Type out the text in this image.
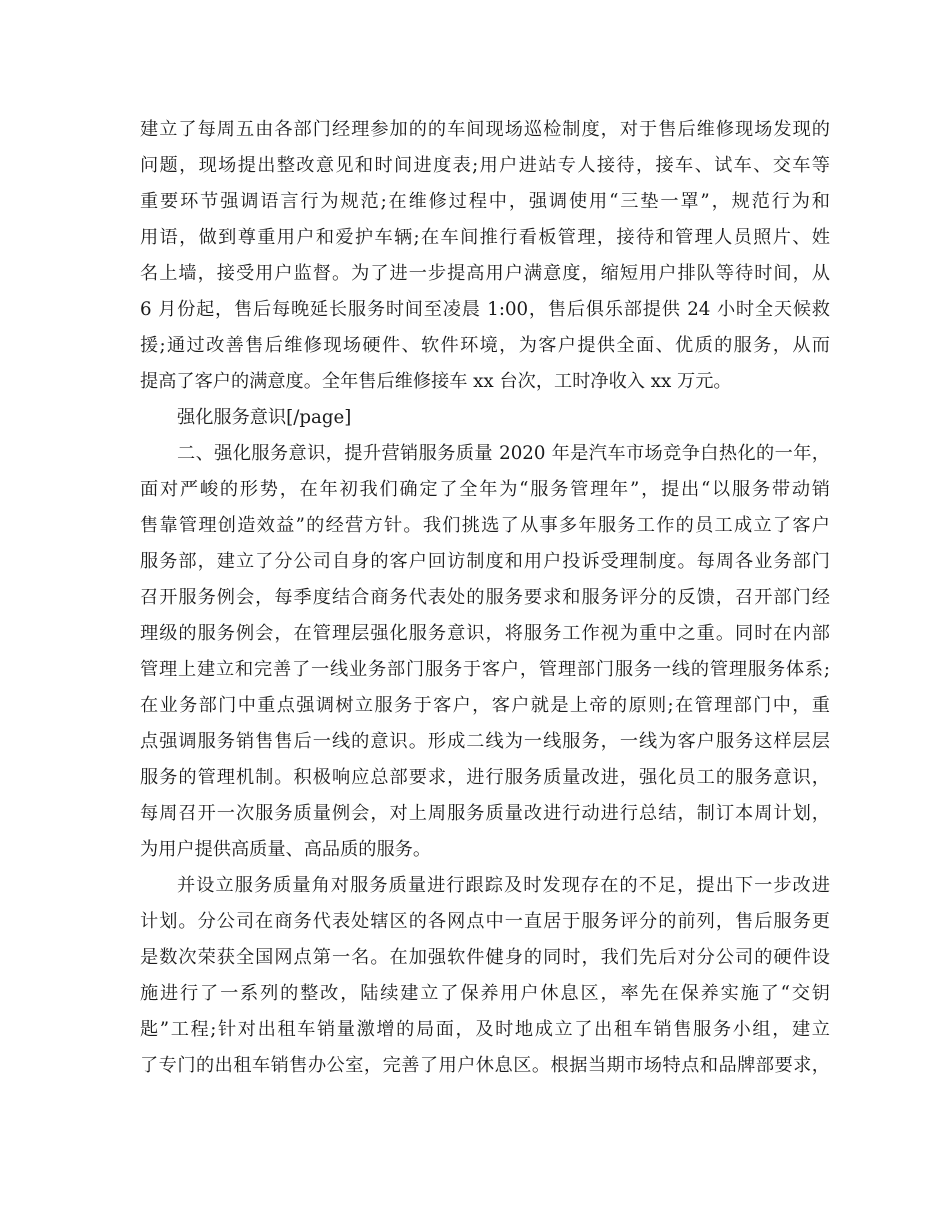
建立了每周五由各部门经理参加的的车间现场巡检制度，对于售后维修现场发现的
问题，现场提出整改意见和时间进度表;用户进站专人接待，接车、试车、交车等
重要环节强调语言行为规范;在维修过程中，强调使用“三垫一罩”，规范行为和
用语，做到尊重用户和爱护车辆;在车间推行看板管理，接待和管理人员照片、姓
名上墙，接受用户监督。为了进一步提高用户满意度，缩短用户排队等待时间，从
6 月份起，售后每晚延长服务时间至凌晨 1:00，售后俱乐部提供 24 小时全天候救
援;通过改善售后维修现场硬件、软件环境，为客户提供全面、优质的服务，从而
提高了客户的满意度。全年售后维修接车 xx 台次，工时净收入 xx 万元。
强化服务意识[/page]
二、强化服务意识，提升营销服务质量 2020 年是汽车市场竞争白热化的一年，
面对严峻的形势，在年初我们确定了全年为“服务管理年”，提出“以服务带动销
售靠管理创造效益”的经营方针。我们挑选了从事多年服务工作的员工成立了客户
服务部，建立了分公司自身的客户回访制度和用户投诉受理制度。每周各业务部门
召开服务例会，每季度结合商务代表处的服务要求和服务评分的反馈，召开部门经
理级的服务例会，在管理层强化服务意识，将服务工作视为重中之重。同时在内部
管理上建立和完善了一线业务部门服务于客户，管理部门服务一线的管理服务体系;
在业务部门中重点强调树立服务于客户，客户就是上帝的原则;在管理部门中，重
点强调服务销售售后一线的意识。形成二线为一线服务，一线为客户服务这样层层
服务的管理机制。积极响应总部要求，进行服务质量改进，强化员工的服务意识，
每周召开一次服务质量例会，对上周服务质量改进行动进行总结，制订本周计划，
为用户提供高质量、高品质的服务。
并设立服务质量角对服务质量进行跟踪及时发现存在的不足，提出下一步改进
计划。分公司在商务代表处辖区的各网点中一直居于服务评分的前列，售后服务更
是数次荣获全国网点第一名。在加强软件健身的同时，我们先后对分公司的硬件设
施进行了一系列的整改，陆续建立了保养用户休息区，率先在保养实施了“交钥
匙”工程;针对出租车销量激增的局面，及时地成立了出租车销售服务小组，建立
了专门的出租车销售办公室，完善了用户休息区。根据当期市场特点和品牌部要求，
